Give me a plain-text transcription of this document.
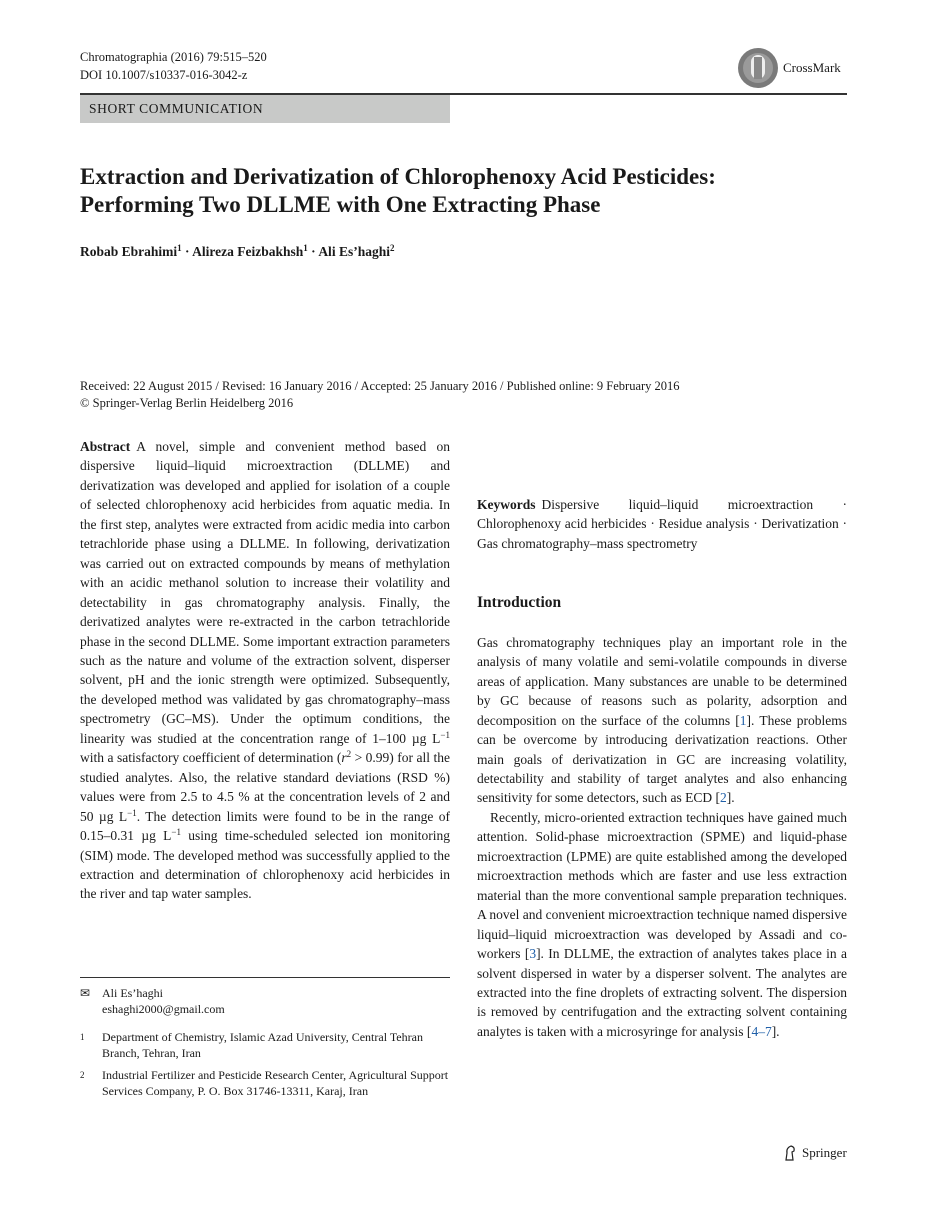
Chromatographia (2016) 79:515–520
DOI 10.1007/s10337-016-3042-z	CrossMark
SHORT COMMUNICATION
Extraction and Derivatization of Chlorophenoxy Acid Pesticides:
Performing Two DLLME with One Extracting Phase
Robab Ebrahimi$^1$ · Alireza Feizbakhsh$^1$ · Ali Es’haghi$^2$
Received: 22 August 2015 / Revised: 16 January 2016 / Accepted: 25 January 2016 / Published online: 9 February 2016
© Springer-Verlag Berlin Heidelberg 2016

Abstract A novel, simple and convenient method based on dispersive liquid–liquid microextraction (DLLME) and derivatization was developed and applied for isolation of a couple of selected chlorophenoxy acid herbicides from aquatic media. In the first step, analytes were extracted from acidic media into carbon tetrachloride phase using a DLLME. In following, derivatization was carried out on extracted compounds by means of methylation with an acidic methanol solution to increase their volatility and detectability in gas chromatography analysis. Finally, the derivatized analytes were re-extracted in the carbon tetrachloride phase in the second DLLME. Some important extraction parameters such as the nature and volume of the extraction solvent, disperser solvent, pH and the ionic strength were optimized. Subsequently, the developed method was validated by gas chromatography–mass spectrometry (GC–MS). Under the optimum conditions, the linearity was studied at the concentration range of 1–100 µg $L^{-1}$ with a satisfactory coefficient of determination $(r^2 > 0.99)$ for all the studied analytes. Also, the relative standard deviations (RSD %) values were from 2.5 to 4.5 % at the concentration levels of 2 and 50 µg $L^{-1}$. The detection limits were found to be in the range of 0.15–0.31 µg $L^{-1}$ using time-scheduled selected ion monitoring (SIM) mode. The developed method was successfully applied to the extraction and determination of chlorophenoxy acid herbicides in the river and tap water samples.

Keywords Dispersive liquid–liquid microextraction · Chlorophenoxy acid herbicides · Residue analysis · Derivatization · Gas chromatography–mass spectrometry

Introduction

Gas chromatography techniques play an important role in the analysis of many volatile and semi-volatile compounds in diverse areas of application. Many substances are unable to be determined by GC because of reasons such as polarity, adsorption and decomposition on the surface of the columns [1]. These problems can be overcome by introducing derivatization reactions. Other main goals of derivatization in GC are increasing volatility, detectability and stability of target analytes and also enhancing sensitivity for some detectors, such as ECD [2].

Recently, micro-oriented extraction techniques have gained much attention. Solid-phase microextraction (SPME) and liquid-phase microextraction (LPME) are quite established among the developed microextraction methods which are faster and use less extraction material than the more conventional sample preparation techniques. A novel and convenient microextraction technique named dispersive liquid–liquid microextraction was developed by Assadi and co-workers [3]. In DLLME, the extraction of analytes takes place in a solvent dispersed in water by a disperser solvent. The analytes are extracted into the fine droplets of extracting solvent. The dispersion is removed by centrifugation and the extracting solvent containing analytes is taken with a microsyringe for analysis [4–7].

✉ Ali Es’haghi
eshaghi2000@gmail.com
1	Department of Chemistry, Islamic Azad University, Central Tehran Branch, Tehran, Iran
2	Industrial Fertilizer and Pesticide Research Center, Agricultural Support Services Company, P. O. Box 31746-13311, Karaj, Iran
Springer
